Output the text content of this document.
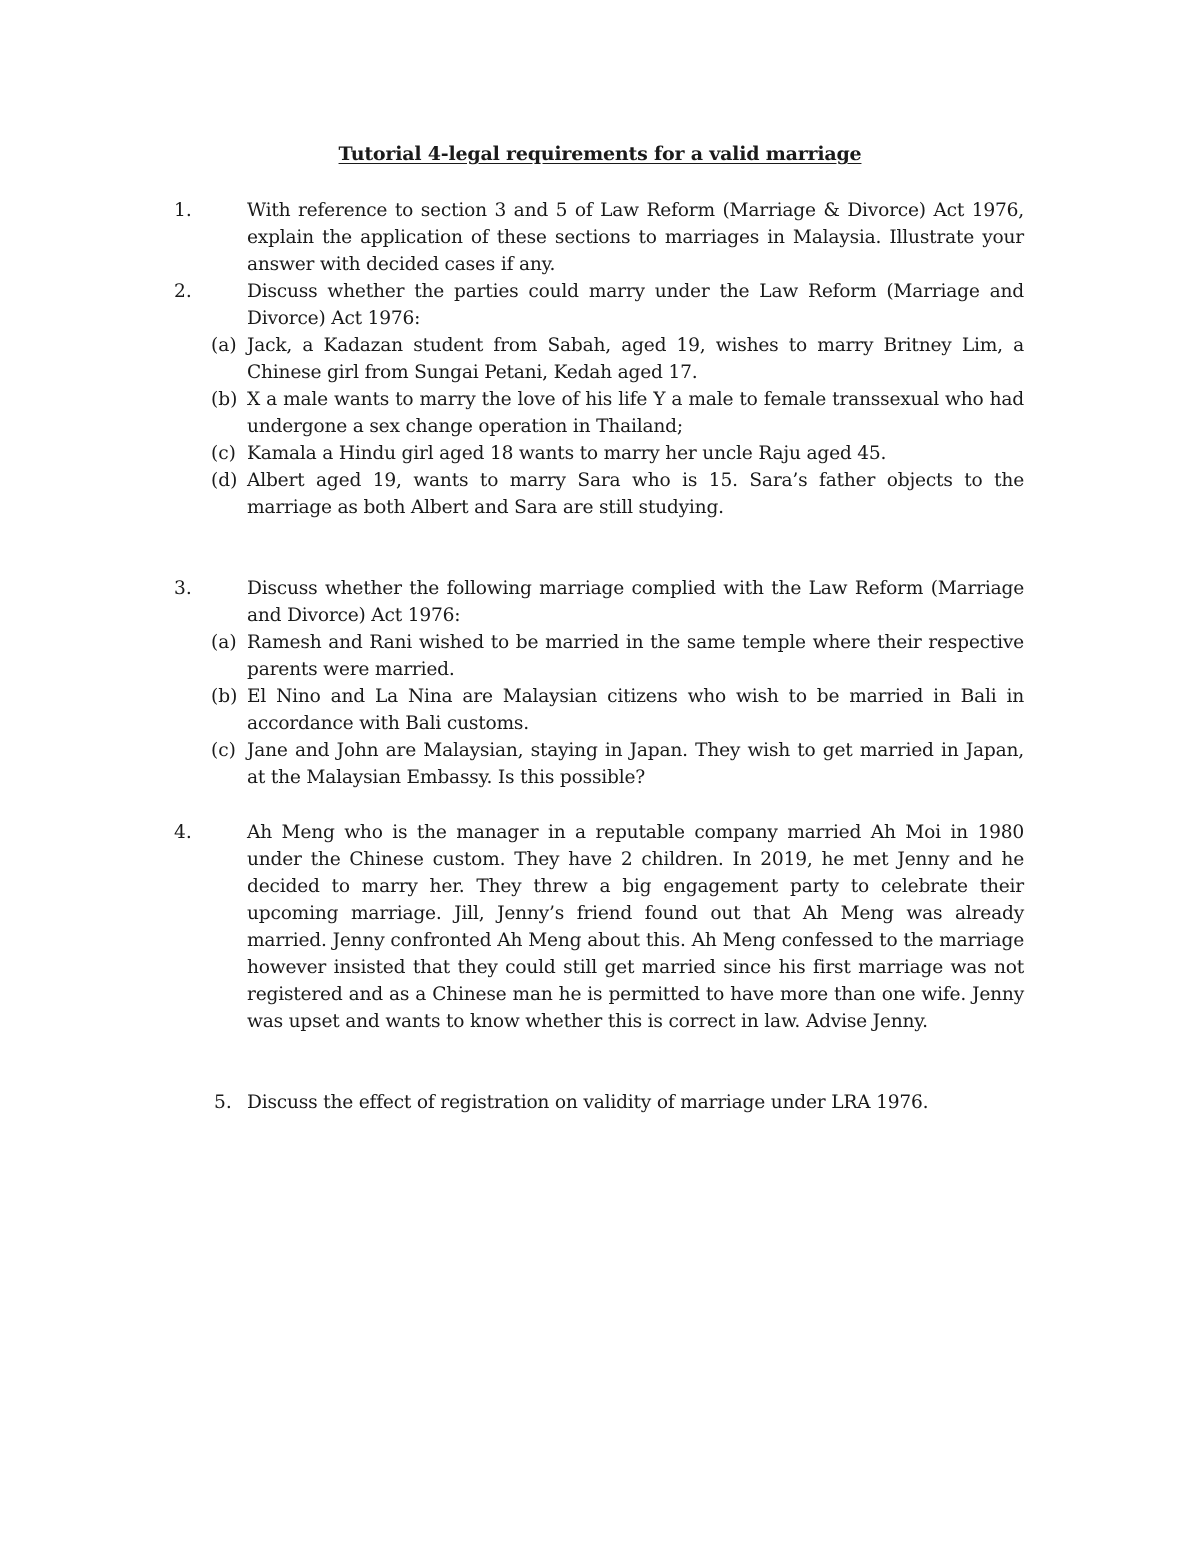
Tutorial 4-legal requirements for a valid marriage
1.	With reference to section 3 and 5 of Law Reform (Marriage & Divorce) Act 1976, explain the application of these sections to marriages in Malaysia. Illustrate your answer with decided cases if any.
2.	Discuss whether the parties could marry under the Law Reform (Marriage and Divorce) Act 1976:
(a) Jack, a Kadazan student from Sabah, aged 19, wishes to marry Britney Lim, a Chinese girl from Sungai Petani, Kedah aged 17.
(b) X a male wants to marry the love of his life Y a male to female transsexual who had undergone a sex change operation in Thailand;
(c) Kamala a Hindu girl aged 18 wants to marry her uncle Raju aged 45.
(d) Albert aged 19, wants to marry Sara who is 15. Sara’s father objects to the marriage as both Albert and Sara are still studying.
3.	Discuss whether the following marriage complied with the Law Reform (Marriage and Divorce) Act 1976:
(a) Ramesh and Rani wished to be married in the same temple where their respective parents were married.
(b) El Nino and La Nina are Malaysian citizens who wish to be married in Bali in accordance with Bali customs.
(c) Jane and John are Malaysian, staying in Japan. They wish to get married in Japan, at the Malaysian Embassy. Is this possible?
4.	Ah Meng who is the manager in a reputable company married Ah Moi in 1980 under the Chinese custom. They have 2 children. In 2019, he met Jenny and he decided to marry her. They threw a big engagement party to celebrate their upcoming marriage. Jill, Jenny’s friend found out that Ah Meng was already married. Jenny confronted Ah Meng about this. Ah Meng confessed to the marriage however insisted that they could still get married since his first marriage was not registered and as a Chinese man he is permitted to have more than one wife. Jenny was upset and wants to know whether this is correct in law. Advise Jenny.
5. Discuss the effect of registration on validity of marriage under LRA 1976.
